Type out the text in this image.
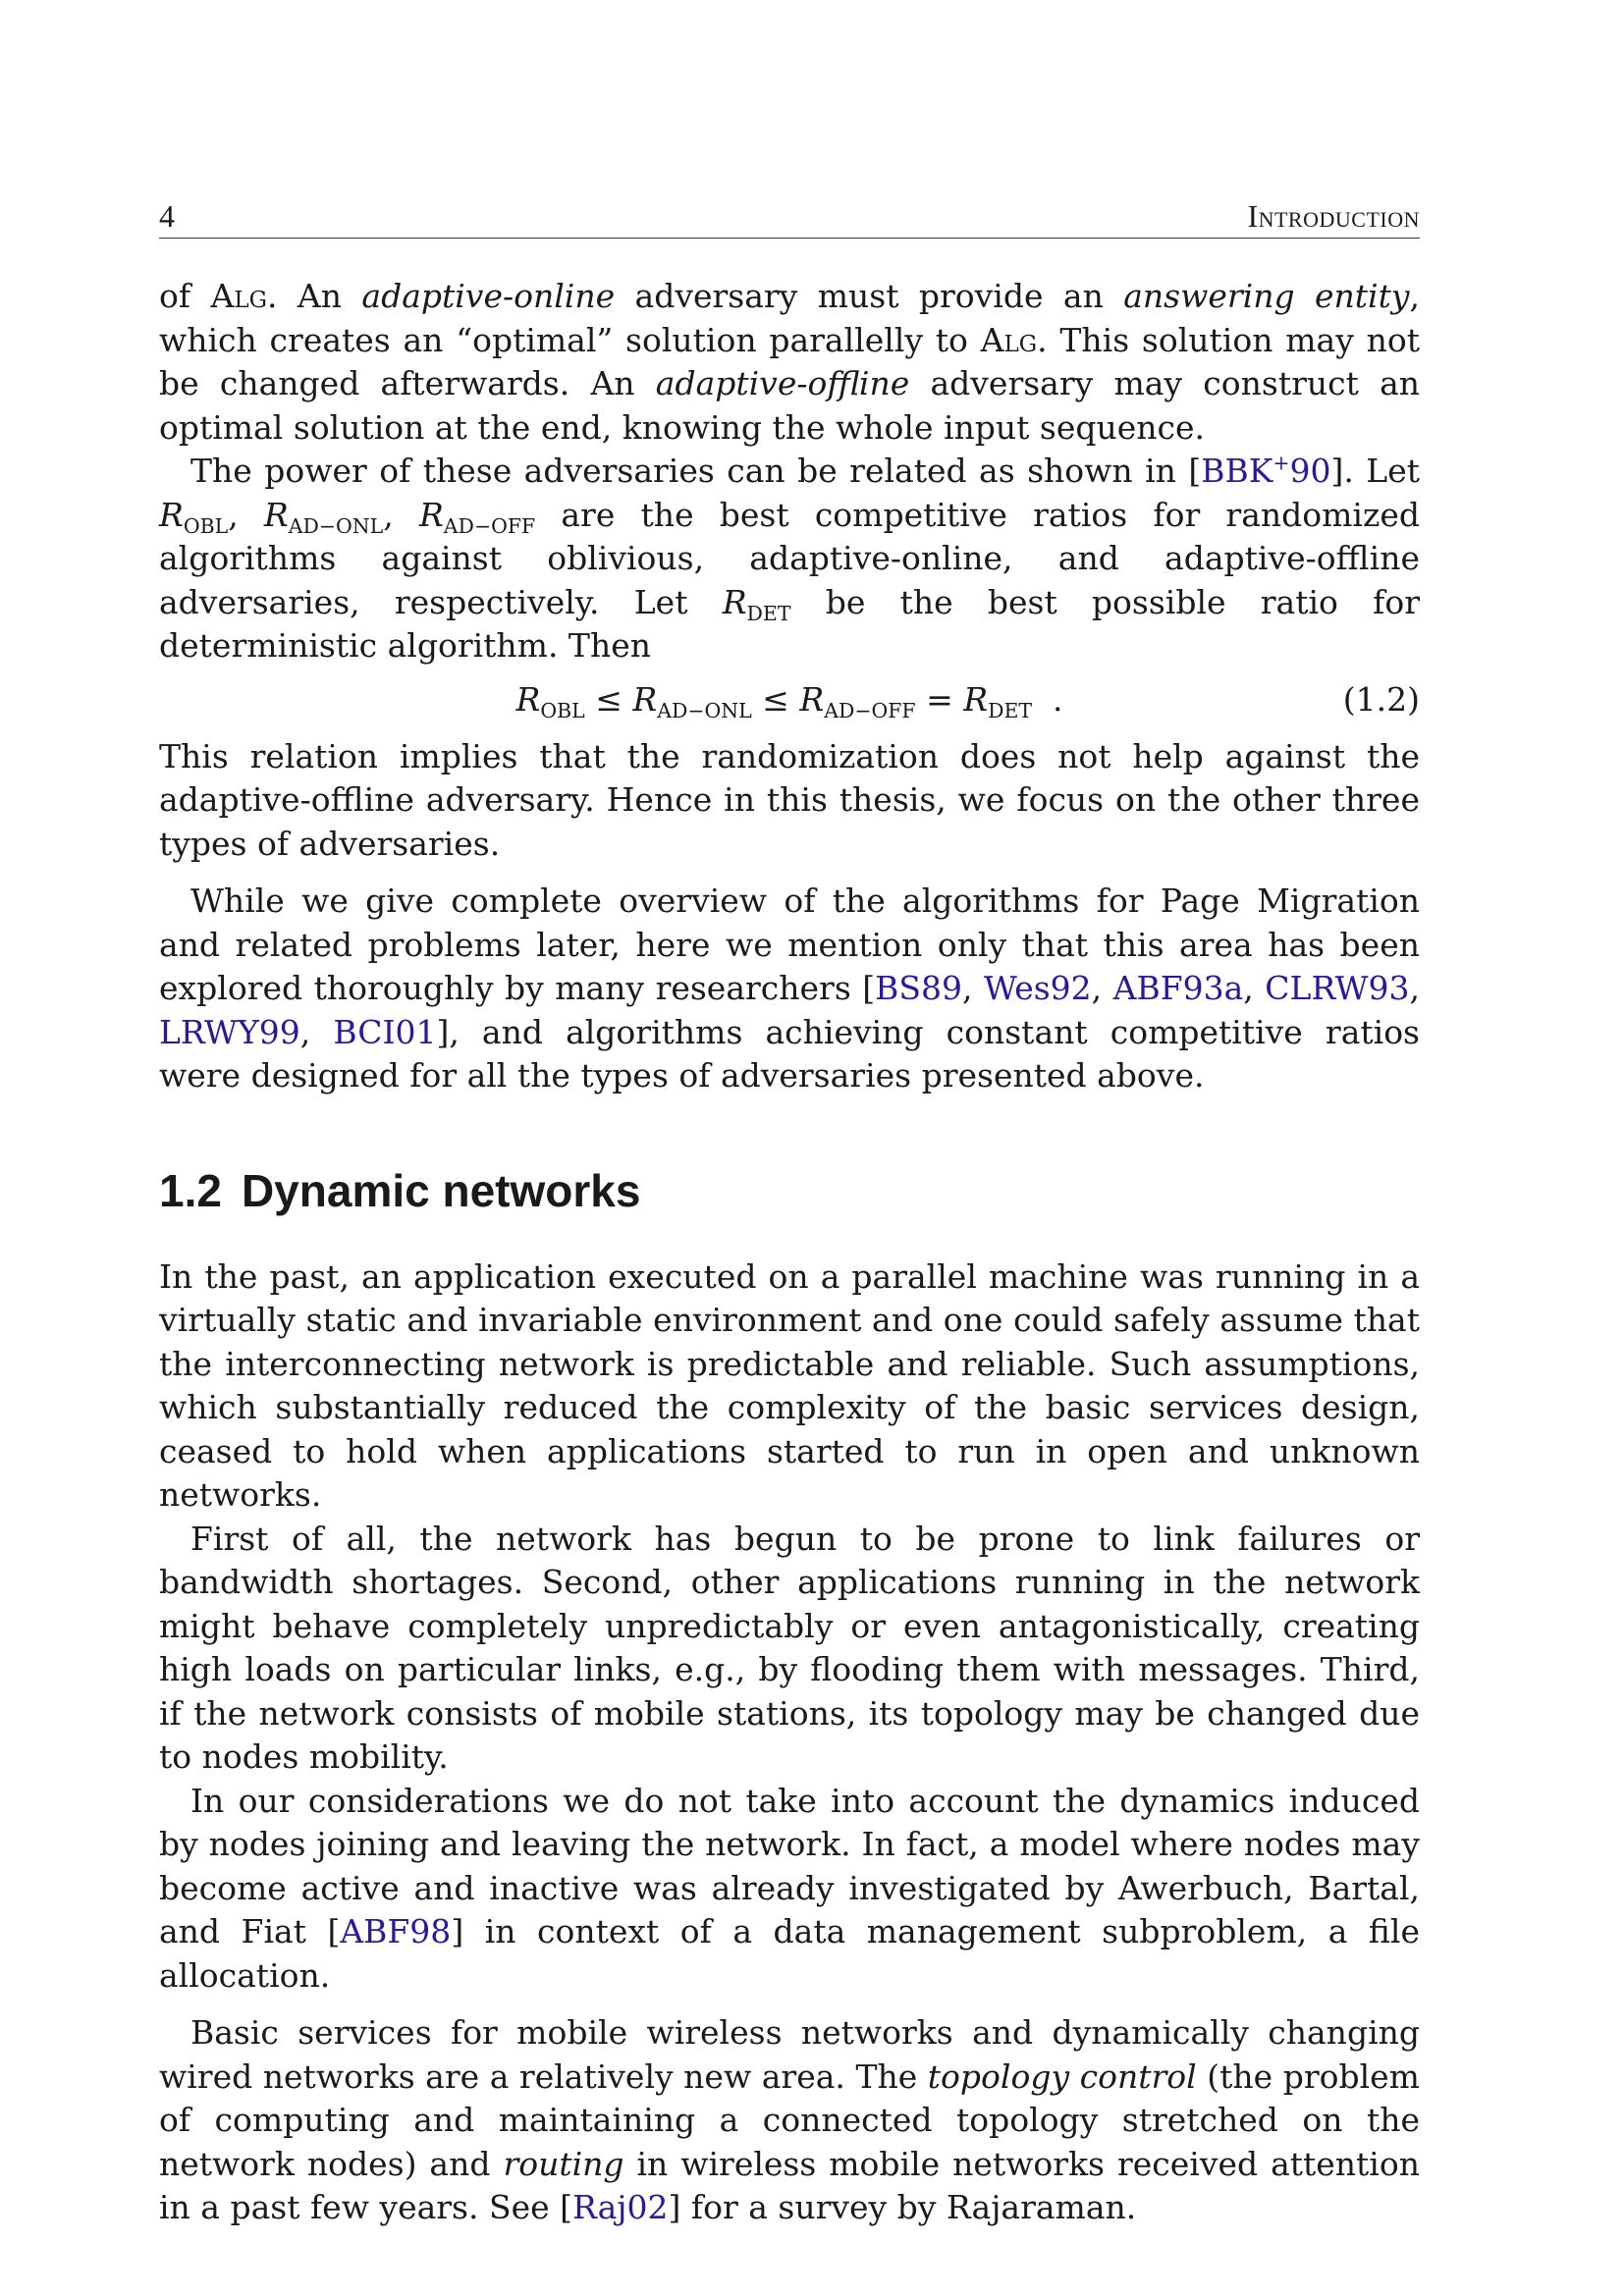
4	Introduction

of Alg. An adaptive-online adversary must provide an answering entity, which creates an “optimal” solution parallelly to Alg. This solution may not be changed afterwards. An adaptive-offline adversary may construct an optimal solution at the end, knowing the whole input sequence.

The power of these adversaries can be related as shown in [BBK+90]. Let $R_{OBL}$, $R_{AD-ONL}$, $R_{AD-OFF}$ are the best competitive ratios for randomized algorithms against oblivious, adaptive-online, and adaptive-offline adversaries, respectively. Let $R_{DET}$ be the best possible ratio for deterministic algorithm. Then

$R_{OBL} \le R_{AD-ONL} \le R_{AD-OFF} = R_{DET}$  .	(1.2)

This relation implies that the randomization does not help against the adaptive-offline adversary. Hence in this thesis, we focus on the other three types of adversaries.

While we give complete overview of the algorithms for Page Migration and related problems later, here we mention only that this area has been explored thoroughly by many researchers [BS89, Wes92, ABF93a, CLRW93, LRWY99, BCI01], and algorithms achieving constant competitive ratios were designed for all the types of adversaries presented above.

1.2 Dynamic networks

In the past, an application executed on a parallel machine was running in a virtually static and invariable environment and one could safely assume that the interconnecting network is predictable and reliable. Such assumptions, which substantially reduced the complexity of the basic services design, ceased to hold when applications started to run in open and unknown networks.

First of all, the network has begun to be prone to link failures or bandwidth shortages. Second, other applications running in the network might behave completely unpredictably or even antagonistically, creating high loads on particular links, e.g., by flooding them with messages. Third, if the network consists of mobile stations, its topology may be changed due to nodes mobility.

In our considerations we do not take into account the dynamics induced by nodes joining and leaving the network. In fact, a model where nodes may become active and inactive was already investigated by Awerbuch, Bartal, and Fiat [ABF98] in context of a data management subproblem, a file allocation.

Basic services for mobile wireless networks and dynamically changing wired networks are a relatively new area. The topology control (the problem of computing and maintaining a connected topology stretched on the network nodes) and routing in wireless mobile networks received attention in a past few years. See [Raj02] for a survey by Rajaraman.
